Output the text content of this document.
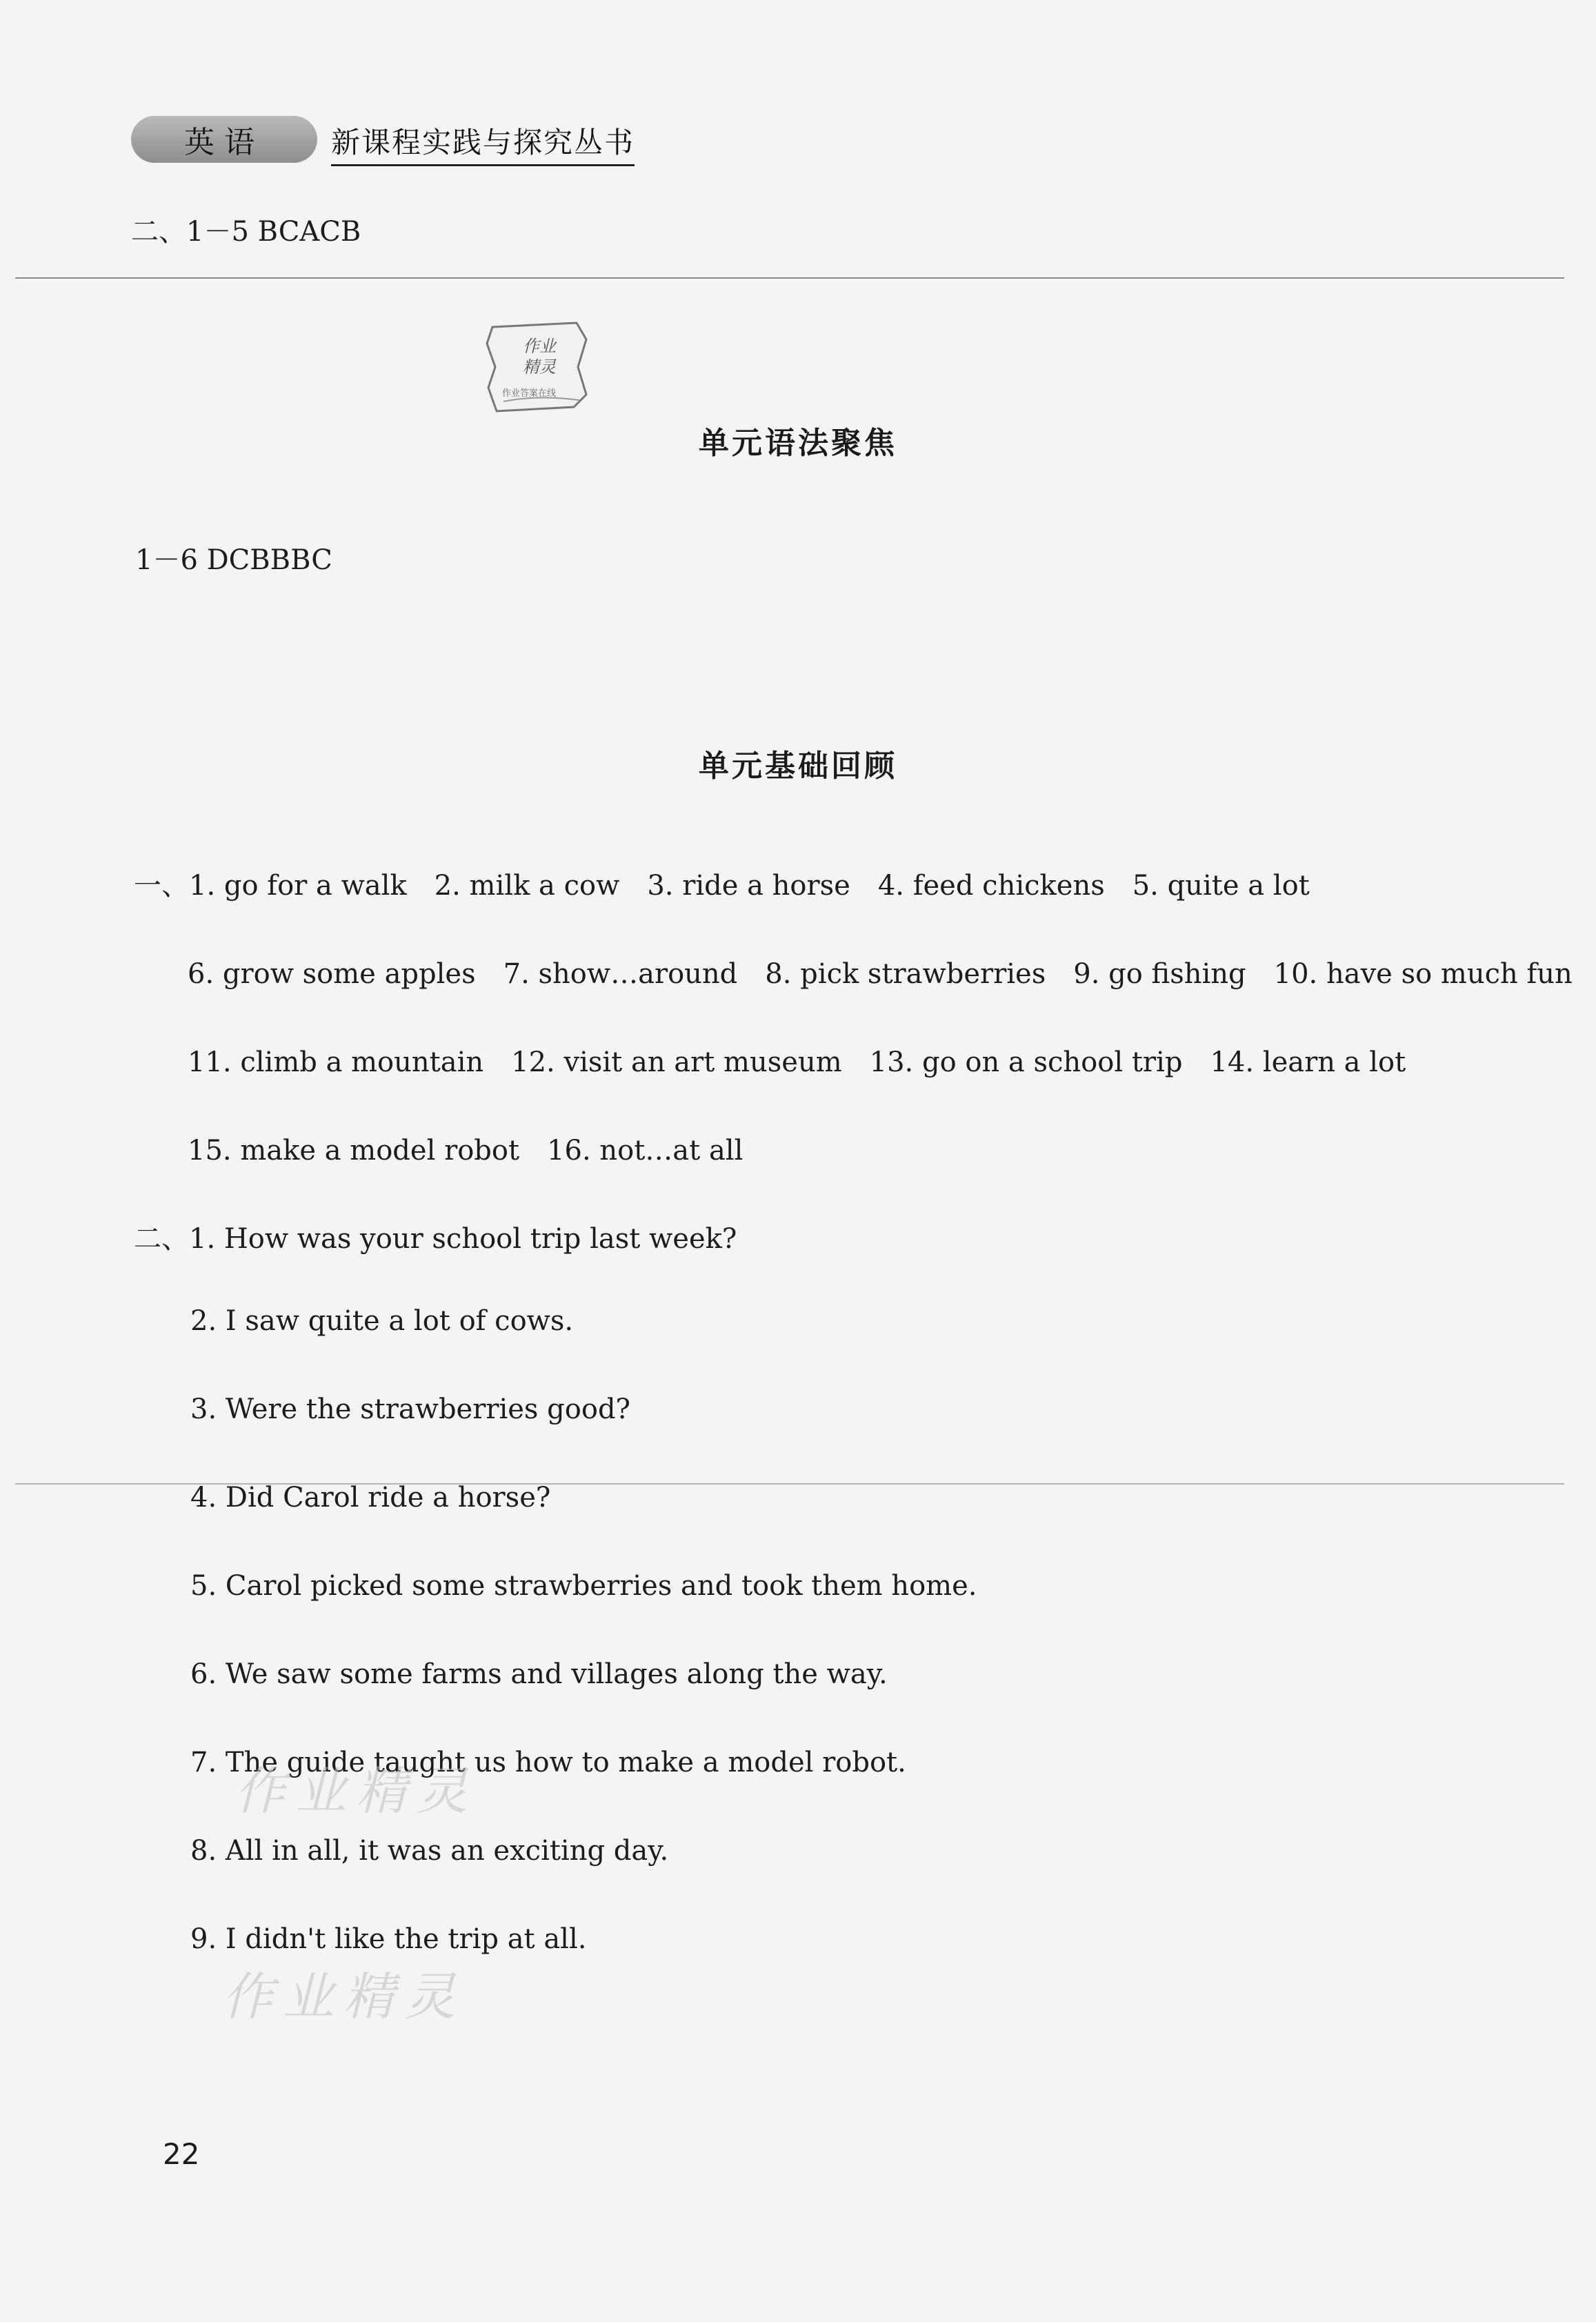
英语	新课程实践与探究丛书
二、1－5 BCACB
作业
精灵
作业答案在线
单元语法聚焦
1－6 DCBBBC
单元基础回顾
一、1. go for a walk　2. milk a cow　3. ride a horse　4. feed chickens　5. quite a lot
6. grow some apples　7. show…around　8. pick strawberries　9. go fishing　10. have so much fun
11. climb a mountain　12. visit an art museum　13. go on a school trip　14. learn a lot
15. make a model robot　16. not…at all
二、1. How was your school trip last week?
2. I saw quite a lot of cows.
3. Were the strawberries good?
4. Did Carol ride a horse?
5. Carol picked some strawberries and took them home.
6. We saw some farms and villages along the way.
7. The guide taught us how to make a model robot.
8. All in all, it was an exciting day.
9. I didn't like the trip at all.
作业精灵
作业精灵
22
